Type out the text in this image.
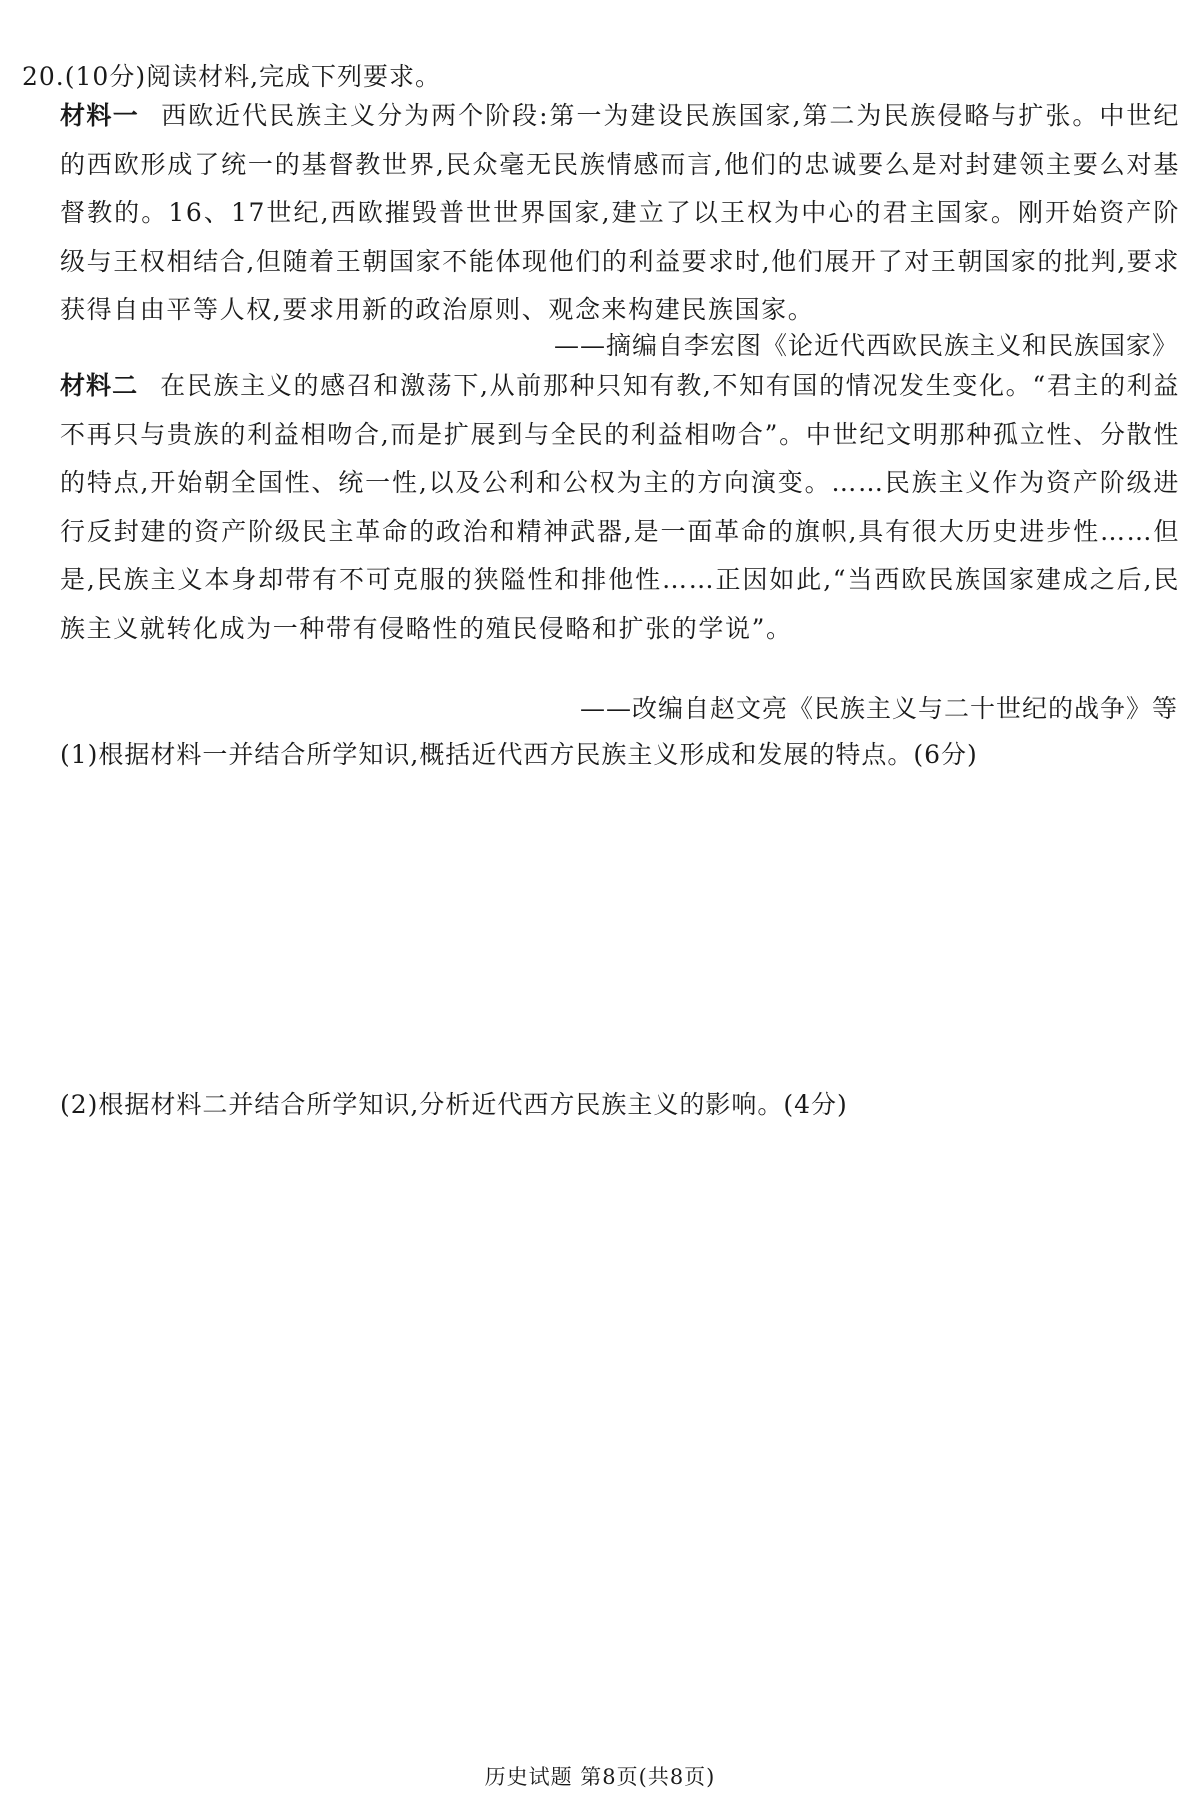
20.(10分)阅读材料,完成下列要求。
材料一 西欧近代民族主义分为两个阶段:第一为建设民族国家,第二为民族侵略与扩张。中世纪的西欧形成了统一的基督教世界,民众毫无民族情感而言,他们的忠诚要么是对封建领主要么对基督教的。16、17世纪,西欧摧毁普世世界国家,建立了以王权为中心的君主国家。刚开始资产阶级与王权相结合,但随着王朝国家不能体现他们的利益要求时,他们展开了对王朝国家的批判,要求获得自由平等人权,要求用新的政治原则、观念来构建民族国家。
——摘编自李宏图《论近代西欧民族主义和民族国家》
材料二 在民族主义的感召和激荡下,从前那种只知有教,不知有国的情况发生变化。“君主的利益不再只与贵族的利益相吻合,而是扩展到与全民的利益相吻合”。中世纪文明那种孤立性、分散性的特点,开始朝全国性、统一性,以及公利和公权为主的方向演变。……民族主义作为资产阶级进行反封建的资产阶级民主革命的政治和精神武器,是一面革命的旗帜,具有很大历史进步性……但是,民族主义本身却带有不可克服的狭隘性和排他性……正因如此,“当西欧民族国家建成之后,民族主义就转化成为一种带有侵略性的殖民侵略和扩张的学说”。
——改编自赵文亮《民族主义与二十世纪的战争》等
(1)根据材料一并结合所学知识,概括近代西方民族主义形成和发展的特点。(6分)
(2)根据材料二并结合所学知识,分析近代西方民族主义的影响。(4分)
历史试题 第8页(共8页)
